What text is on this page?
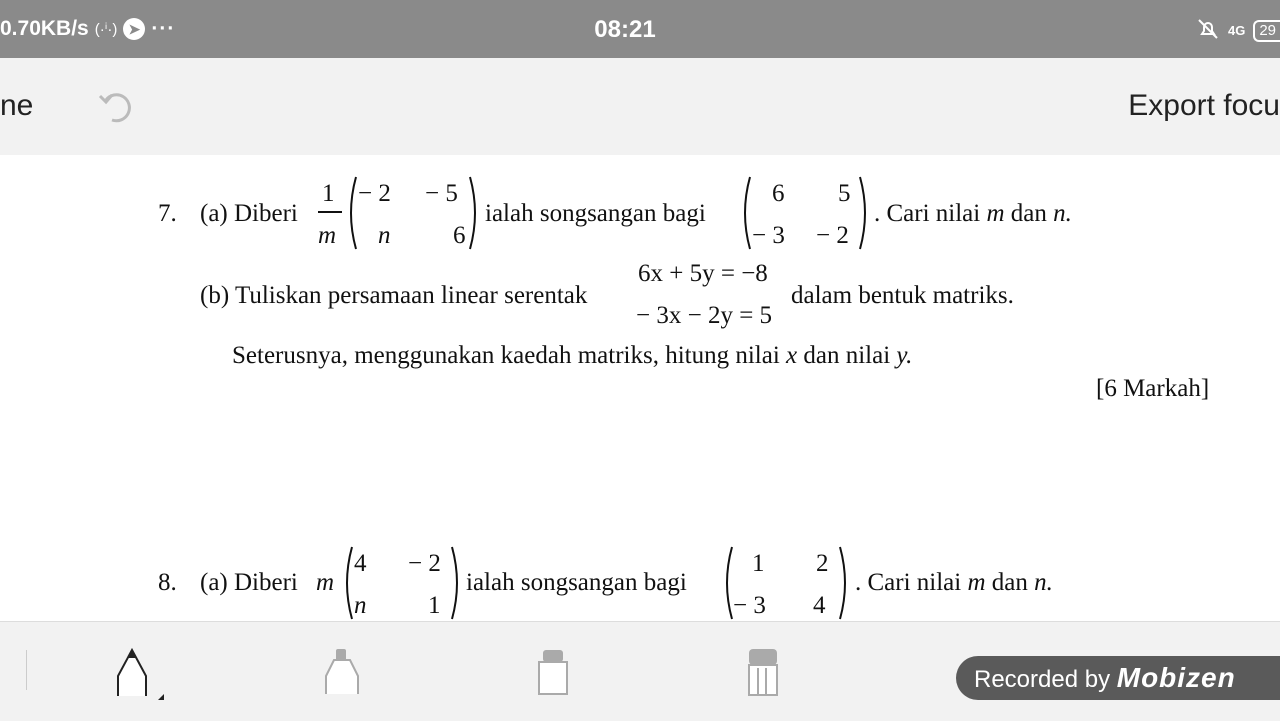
0.70KB/s (·ⁱ·) ➤ ···	08:21	4G 29
ne	Export focu
7. (a) Diberi
1
m
− 2 − 5
n	6
ialah songsangan bagi
6 5
− 3 − 2
. Cari nilai m dan n.
(b) Tuliskan persamaan linear serentak
6x + 5y = −8
− 3x − 2y = 5
dalam bentuk matriks.
Seterusnya, menggunakan kaedah matriks, hitung nilai x dan nilai y.
[6 Markah]
8. (a) Diberi m
4 − 2
n 1
ialah songsangan bagi
1 2
− 3 4
. Cari nilai m dan n.
Recorded by Mobizen
